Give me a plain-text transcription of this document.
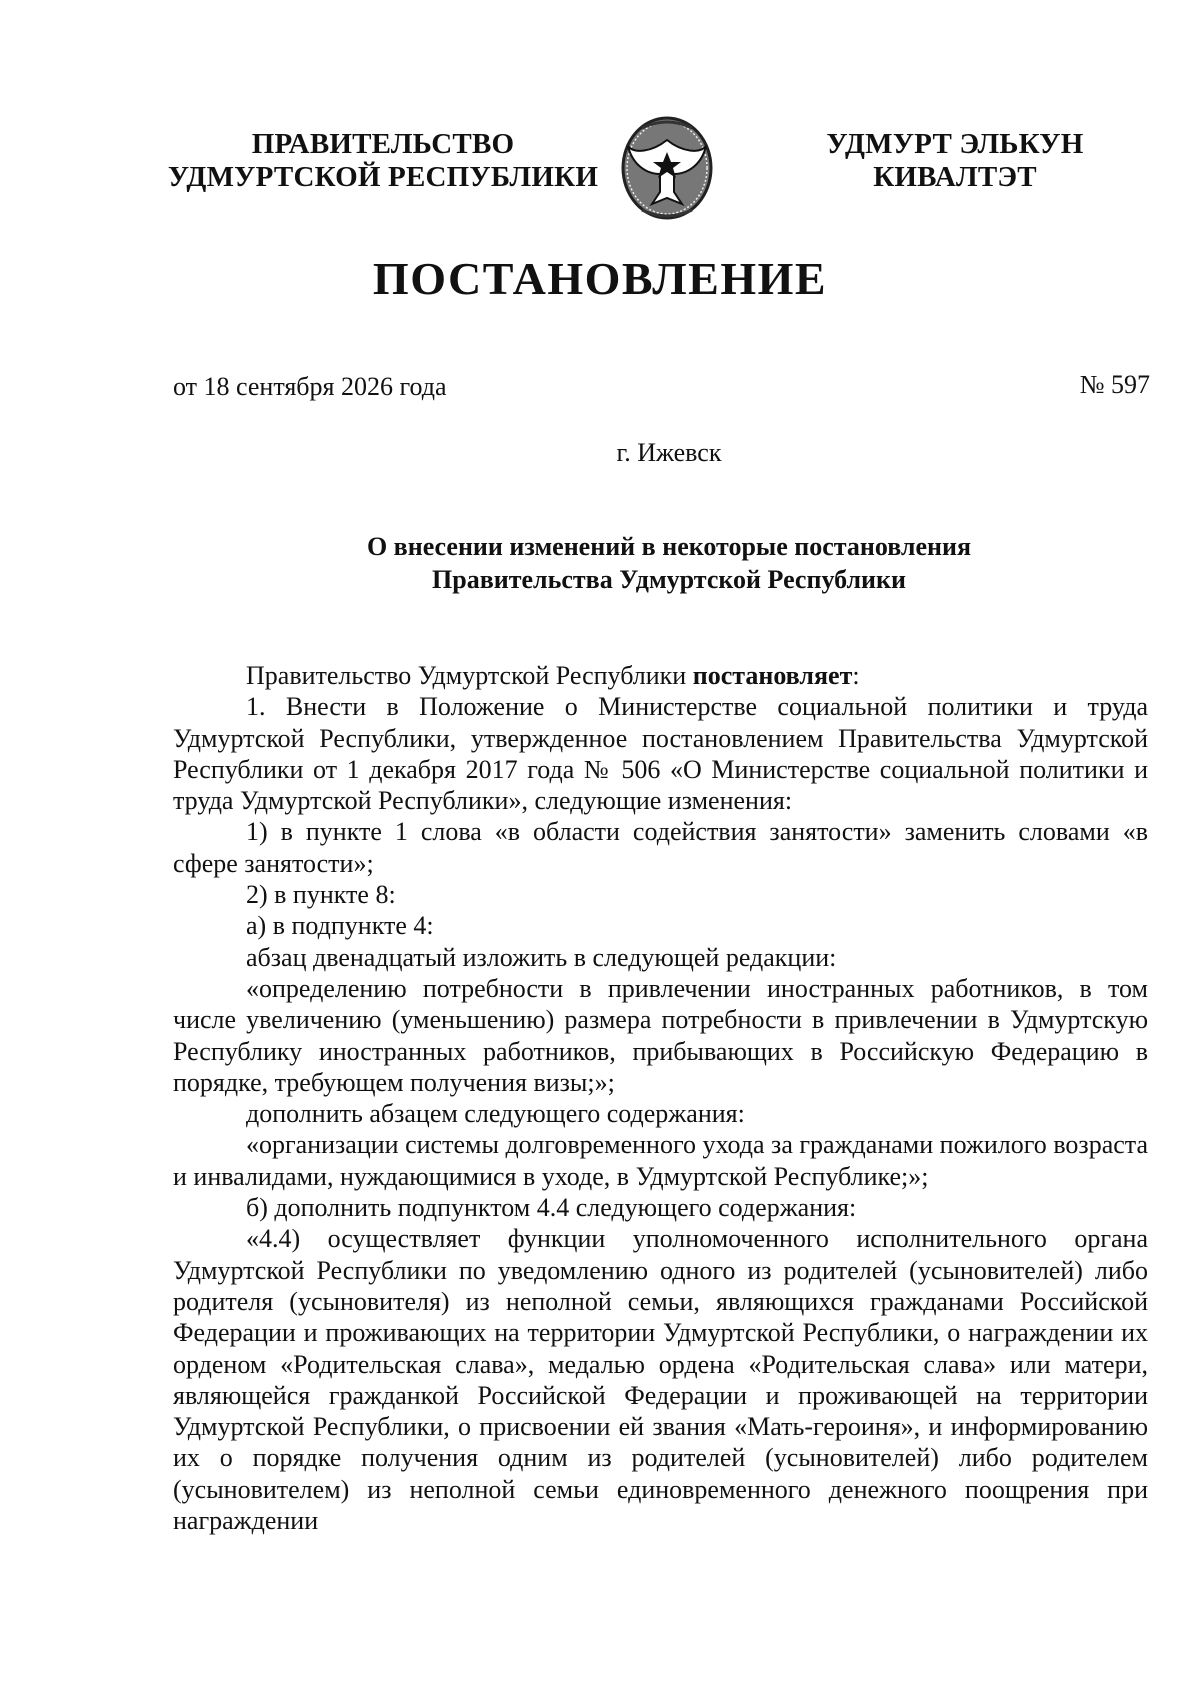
ПРАВИТЕЛЬСТВО
УДМУРТСКОЙ РЕСПУБЛИКИ
УДМУРТ ЭЛЬКУН
КИВАЛТЭТ
ПОСТАНОВЛЕНИЕ
от 18 сентября 2026 года	№ 597
г. Ижевск
О внесении изменений в некоторые постановления
Правительства Удмуртской Республики

Правительство Удмуртской Республики постановляет:

1. Внести в Положение о Министерстве социальной политики и труда Удмуртской Республики, утвержденное постановлением Правительства Удмуртской Республики от 1 декабря 2017 года № 506 «О Министерстве социальной политики и труда Удмуртской Республики», следующие изменения:

1) в пункте 1 слова «в области содействия занятости» заменить словами «в сфере занятости»;

2) в пункте 8:

а) в подпункте 4:

абзац двенадцатый изложить в следующей редакции:

«определению потребности в привлечении иностранных работников, в том числе увеличению (уменьшению) размера потребности в привлечении в Удмуртскую Республику иностранных работников, прибывающих в Российскую Федерацию в порядке, требующем получения визы;»;

дополнить абзацем следующего содержания:

«организации системы долговременного ухода за гражданами пожилого возраста и инвалидами, нуждающимися в уходе, в Удмуртской Республике;»;

б) дополнить подпунктом 4.4 следующего содержания:

«4.4) осуществляет функции уполномоченного исполнительного органа Удмуртской Республики по уведомлению одного из родителей (усыновителей) либо родителя (усыновителя) из неполной семьи, являющихся гражданами Российской Федерации и проживающих на территории Удмуртской Республики, о награждении их орденом «Родительская слава», медалью ордена «Родительская слава» или матери, являющейся гражданкой Российской Федерации и проживающей на территории Удмуртской Республики, о присвоении ей звания «Мать-героиня», и информированию их о порядке получения одним из родителей (усыновителей) либо родителем (усыновителем) из неполной семьи единовременного денежного поощрения при награждении
